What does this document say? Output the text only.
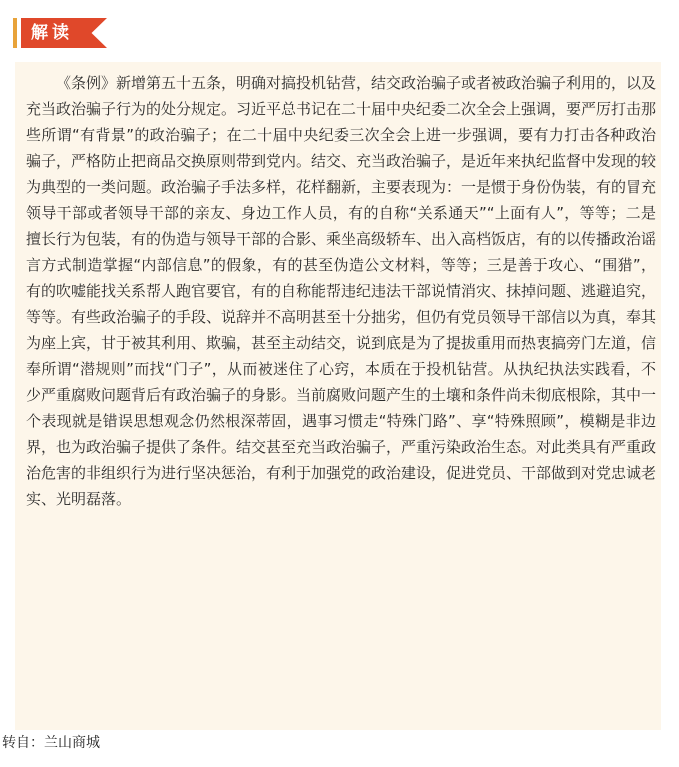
解读

《条例》新增第五十五条，明确对搞投机钻营，结交政治骗子或者被政治骗子利用的，以及充当政治骗子行为的处分规定。习近平总书记在二十届中央纪委二次全会上强调，要严厉打击那些所谓“有背景”的政治骗子；在二十届中央纪委三次全会上进一步强调，要有力打击各种政治骗子，严格防止把商品交换原则带到党内。结交、充当政治骗子，是近年来执纪监督中发现的较为典型的一类问题。政治骗子手法多样，花样翻新，主要表现为：一是惯于身份伪装，有的冒充领导干部或者领导干部的亲友、身边工作人员，有的自称“关系通天”“上面有人”，等等；二是擅长行为包装，有的伪造与领导干部的合影、乘坐高级轿车、出入高档饭店，有的以传播政治谣言方式制造掌握“内部信息”的假象，有的甚至伪造公文材料，等等；三是善于攻心、“围猎”，有的吹嘘能找关系帮人跑官要官，有的自称能帮违纪违法干部说情消灾、抹掉问题、逃避追究，等等。有些政治骗子的手段、说辞并不高明甚至十分拙劣，但仍有党员领导干部信以为真，奉其为座上宾，甘于被其利用、欺骗，甚至主动结交，说到底是为了提拔重用而热衷搞旁门左道，信奉所谓“潜规则”而找“门子”，从而被迷住了心窍，本质在于投机钻营。从执纪执法实践看，不少严重腐败问题背后有政治骗子的身影。当前腐败问题产生的土壤和条件尚未彻底根除，其中一个表现就是错误思想观念仍然根深蒂固，遇事习惯走“特殊门路”、享“特殊照顾”，模糊是非边界，也为政治骗子提供了条件。结交甚至充当政治骗子，严重污染政治生态。对此类具有严重政治危害的非组织行为进行坚决惩治，有利于加强党的政治建设，促进党员、干部做到对党忠诚老实、光明磊落。

转自：兰山商城
